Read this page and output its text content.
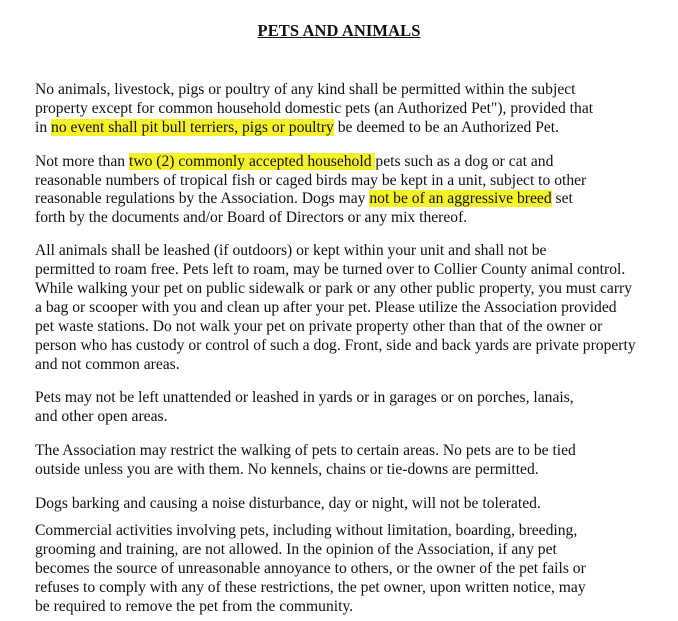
PETS AND ANIMALS

No animals, livestock, pigs or poultry of any kind shall be permitted within the subject

property except for common household domestic pets (an Authorized Pet"), provided that

in no event shall pit bull terriers, pigs or poultry be deemed to be an Authorized Pet.

Not more than two (2) commonly accepted household pets such as a dog or cat and

reasonable numbers of tropical fish or caged birds may be kept in a unit, subject to other

reasonable regulations by the Association. Dogs may not be of an aggressive breed set

forth by the documents and/or Board of Directors or any mix thereof.

All animals shall be leashed (if outdoors) or kept within your unit and shall not be

permitted to roam free. Pets left to roam, may be turned over to Collier County animal control.

While walking your pet on public sidewalk or park or any other public property, you must carry

a bag or scooper with you and clean up after your pet. Please utilize the Association provided

pet waste stations. Do not walk your pet on private property other than that of the owner or

person who has custody or control of such a dog. Front, side and back yards are private property

and not common areas.

Pets may not be left unattended or leashed in yards or in garages or on porches, lanais,

and other open areas.

The Association may restrict the walking of pets to certain areas. No pets are to be tied

outside unless you are with them. No kennels, chains or tie-downs are permitted.

Dogs barking and causing a noise disturbance, day or night, will not be tolerated.

Commercial activities involving pets, including without limitation, boarding, breeding,

grooming and training, are not allowed. In the opinion of the Association, if any pet

becomes the source of unreasonable annoyance to others, or the owner of the pet fails or

refuses to comply with any of these restrictions, the pet owner, upon written notice, may

be required to remove the pet from the community.
